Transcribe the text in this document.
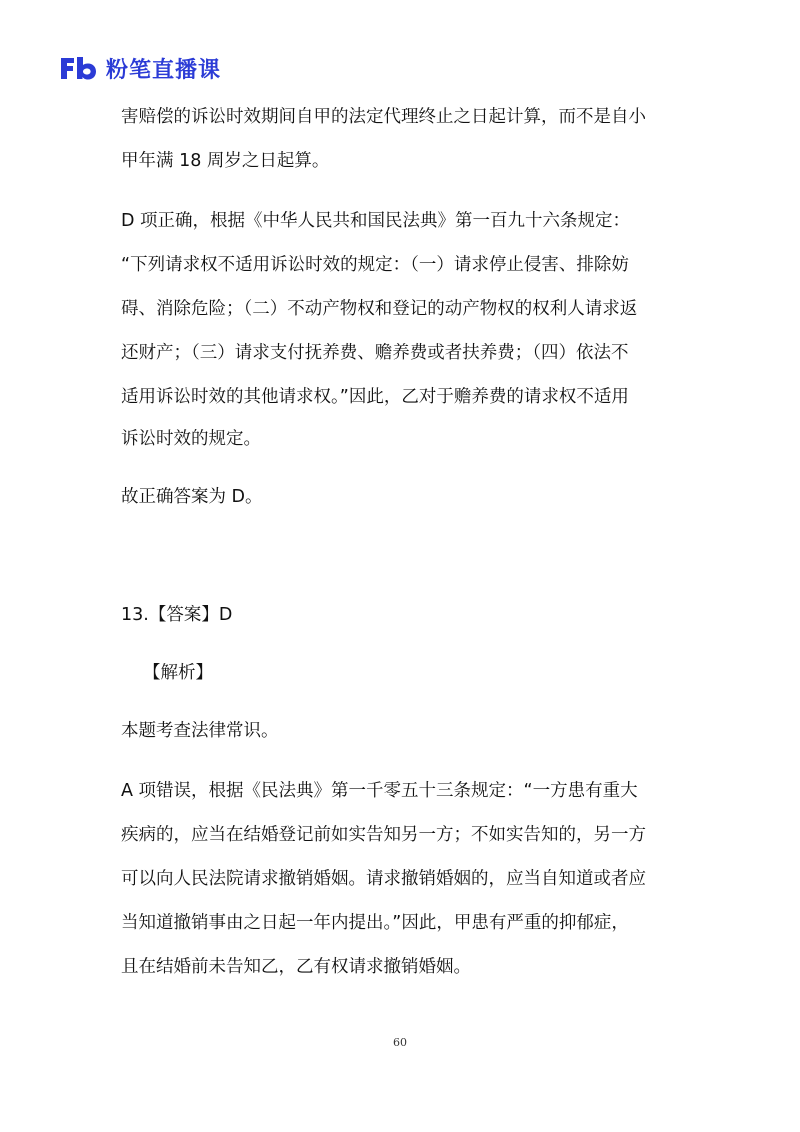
粉笔直播课

害赔偿的诉讼时效期间自甲的法定代理终止之日起计算，而不是自小

甲年满 18 周岁之日起算。

D 项正确，根据《中华人民共和国民法典》第一百九十六条规定：

“下列请求权不适用诉讼时效的规定：（一）请求停止侵害、排除妨

碍、消除危险；（二）不动产物权和登记的动产物权的权利人请求返

还财产；（三）请求支付抚养费、赡养费或者扶养费；（四）依法不

适用诉讼时效的其他请求权。”因此，乙对于赡养费的请求权不适用

诉讼时效的规定。

故正确答案为 D。

13.【答案】D

【解析】

本题考查法律常识。

A 项错误，根据《民法典》第一千零五十三条规定：“一方患有重大

疾病的，应当在结婚登记前如实告知另一方；不如实告知的，另一方

可以向人民法院请求撤销婚姻。请求撤销婚姻的，应当自知道或者应

当知道撤销事由之日起一年内提出。”因此，甲患有严重的抑郁症，

且在结婚前未告知乙，乙有权请求撤销婚姻。

60
